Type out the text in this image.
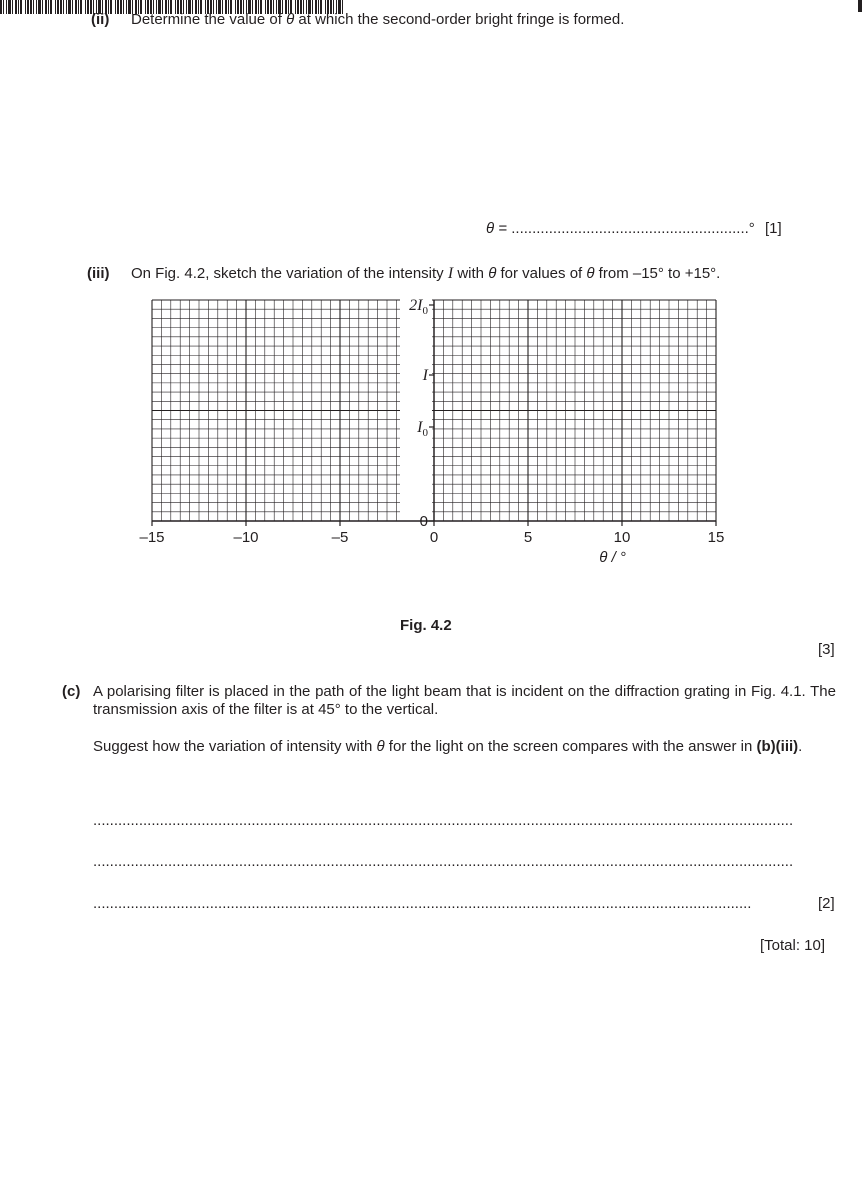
(ii) Determine the value of θ at which the second-order bright fringe is formed.
θ = .........................................................° [1]
(iii) On Fig. 4.2, sketch the variation of the intensity I with θ for values of θ from –15° to +15°.
–15	–10	–5	0	5	10	15
0
$I_0$
I
$2I_0$
θ / °
Fig. 4.2
[3]
(c) A polarising filter is placed in the path of the light beam that is incident on the diffraction grating in Fig. 4.1. The transmission axis of the filter is at 45° to the vertical.
Suggest how the variation of intensity with θ for the light on the screen compares with the answer in (b)(iii).
........................................................................................................................................................................
........................................................................................................................................................................
..............................................................................................................................................................	[2]
[Total: 10]
